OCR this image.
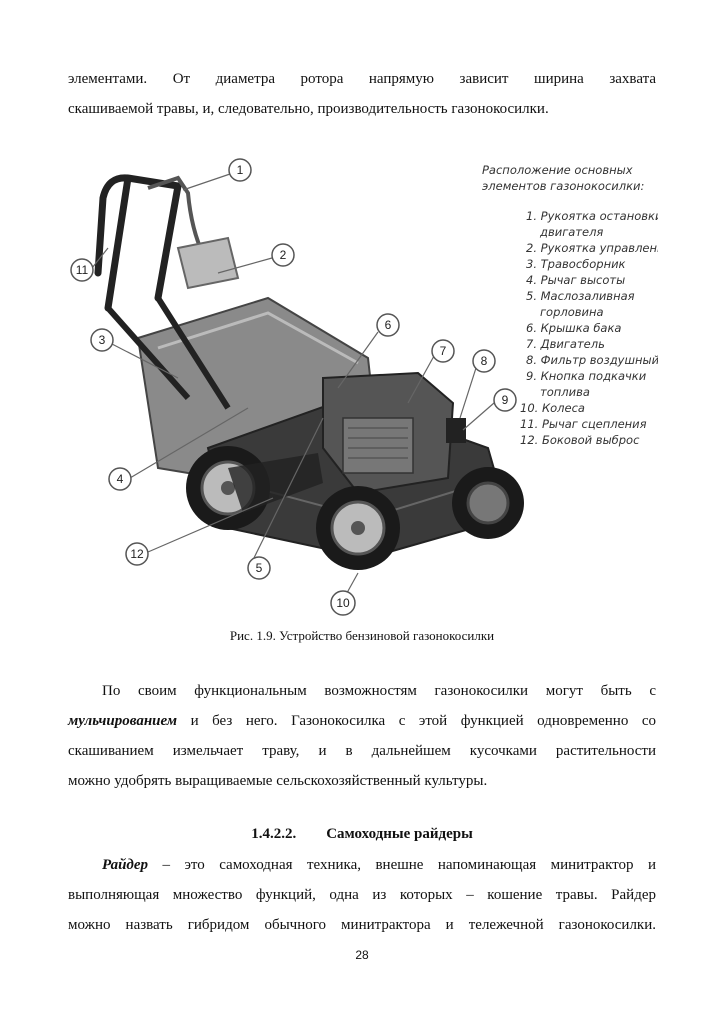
элементами. От диаметра ротора напрямую зависит ширина захвата
скашиваемой травы, и, следовательно, производительность газонокосилки.
1
2
3
4
5
6
7
8
9
10
11
12
Расположение основных
элементов газонокосилки:
1. Рукоятка остановки
двигателя
2. Рукоятка управления
3. Травосборник
4. Рычаг высоты
5. Маслозаливная
горловина
6. Крышка бака
7. Двигатель
8. Фильтр воздушный
9. Кнопка подкачки
топлива
10. Колеса
11. Рычаг сцепления
12. Боковой выброс
Рис. 1.9. Устройство бензиновой газонокосилки
По своим функциональным возможностям газонокосилки могут быть с
мульчированием и без него. Газонокосилка с этой функцией одновременно со
скашиванием измельчает траву, и в дальнейшем кусочками растительности
можно удобрять выращиваемые сельскохозяйственный культуры.
1.4.2.2. Самоходные райдеры
Райдер – это самоходная техника, внешне напоминающая минитрактор и
выполняющая множество функций, одна из которых – кошение травы. Райдер
можно назвать гибридом обычного минитрактора и тележечной газонокосилки.
28
